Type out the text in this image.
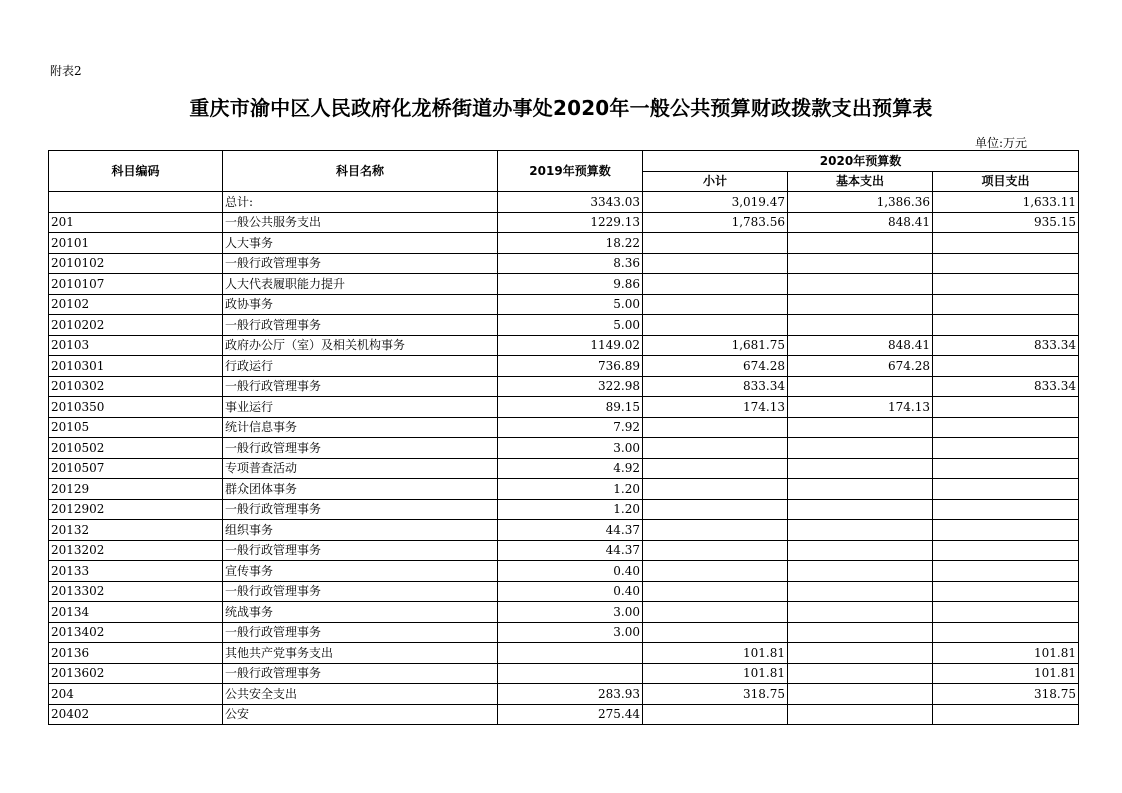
附表2
重庆市渝中区人民政府化龙桥街道办事处2020年一般公共预算财政拨款支出预算表
单位:万元
科目编码	科目名称	2019年预算数	2020年预算数		
			小计	基本支出	项目支出
	总计:	3343.03	3,019.47	1,386.36	1,633.11
201	一般公共服务支出	1229.13	1,783.56	848.41	935.15
20101	人大事务	18.22			
2010102	一般行政管理事务	8.36			
2010107	人大代表履职能力提升	9.86			
20102	政协事务	5.00			
2010202	一般行政管理事务	5.00			
20103	政府办公厅（室）及相关机构事务	1149.02	1,681.75	848.41	833.34
2010301	行政运行	736.89	674.28	674.28	
2010302	一般行政管理事务	322.98	833.34		833.34
2010350	事业运行	89.15	174.13	174.13	
20105	统计信息事务	7.92			
2010502	一般行政管理事务	3.00			
2010507	专项普查活动	4.92			
20129	群众团体事务	1.20			
2012902	一般行政管理事务	1.20			
20132	组织事务	44.37			
2013202	一般行政管理事务	44.37			
20133	宣传事务	0.40			
2013302	一般行政管理事务	0.40			
20134	统战事务	3.00			
2013402	一般行政管理事务	3.00			
20136	其他共产党事务支出		101.81		101.81
2013602	一般行政管理事务		101.81		101.81
204	公共安全支出	283.93	318.75		318.75
20402	公安	275.44			
